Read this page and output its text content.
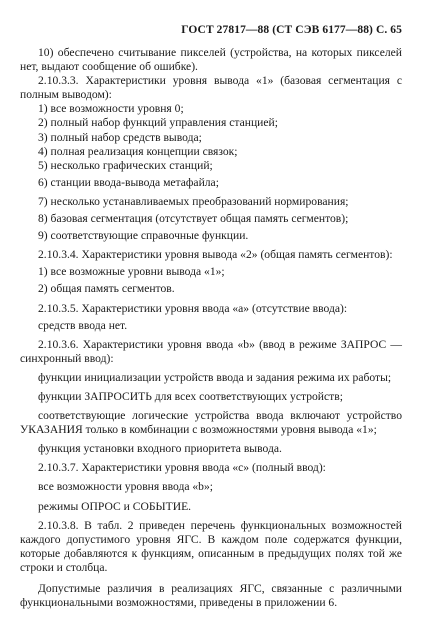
ГОСТ 27817—88 (СТ СЭВ 6177—88) С. 65

10) обеспечено считывание пикселей (устройства, на которых пикселей нет, выдают сообщение об ошибке).

2.10.3.3. Характеристики уровня вывода «1» (базовая сегментация с полным выводом):

1) все возможности уровня 0;

2) полный набор функций управления станцией;

3) полный набор средств вывода;

4) полная реализация концепции связок;

5) несколько графических станций;

6) станции ввода-вывода метафайла;

7) несколько устанавливаемых преобразований нормирования;

8) базовая сегментация (отсутствует общая память сегментов);

9) соответствующие справочные функции.

2.10.3.4. Характеристики уровня вывода «2» (общая память сегментов):

1) все возможные уровни вывода «1»;

2) общая память сегментов.

2.10.3.5. Характеристики уровня ввода «а» (отсутствие ввода):

средств ввода нет.

2.10.3.6. Характеристики уровня ввода «b» (ввод в режиме ЗАПРОС — синхронный ввод):

функции инициализации устройств ввода и задания режима их работы;

функции ЗАПРОСИТЬ для всех соответствующих устройств;

соответствующие логические устройства ввода включают устройство УКАЗАНИЯ только в комбинации с возможностями уровня вывода «1»;

функция установки входного приоритета вывода.

2.10.3.7. Характеристики уровня ввода «с» (полный ввод):

все возможности уровня ввода «b»;

режимы ОПРОС и СОБЫТИЕ.

2.10.3.8. В табл. 2 приведен перечень функциональных возможностей каждого допустимого уровня ЯГС. В каждом поле содержатся функции, которые добавляются к функциям, описанным в предыдущих полях той же строки и столбца.

Допустимые различия в реализациях ЯГС, связанные с различными функциональными возможностями, приведены в приложении 6.
